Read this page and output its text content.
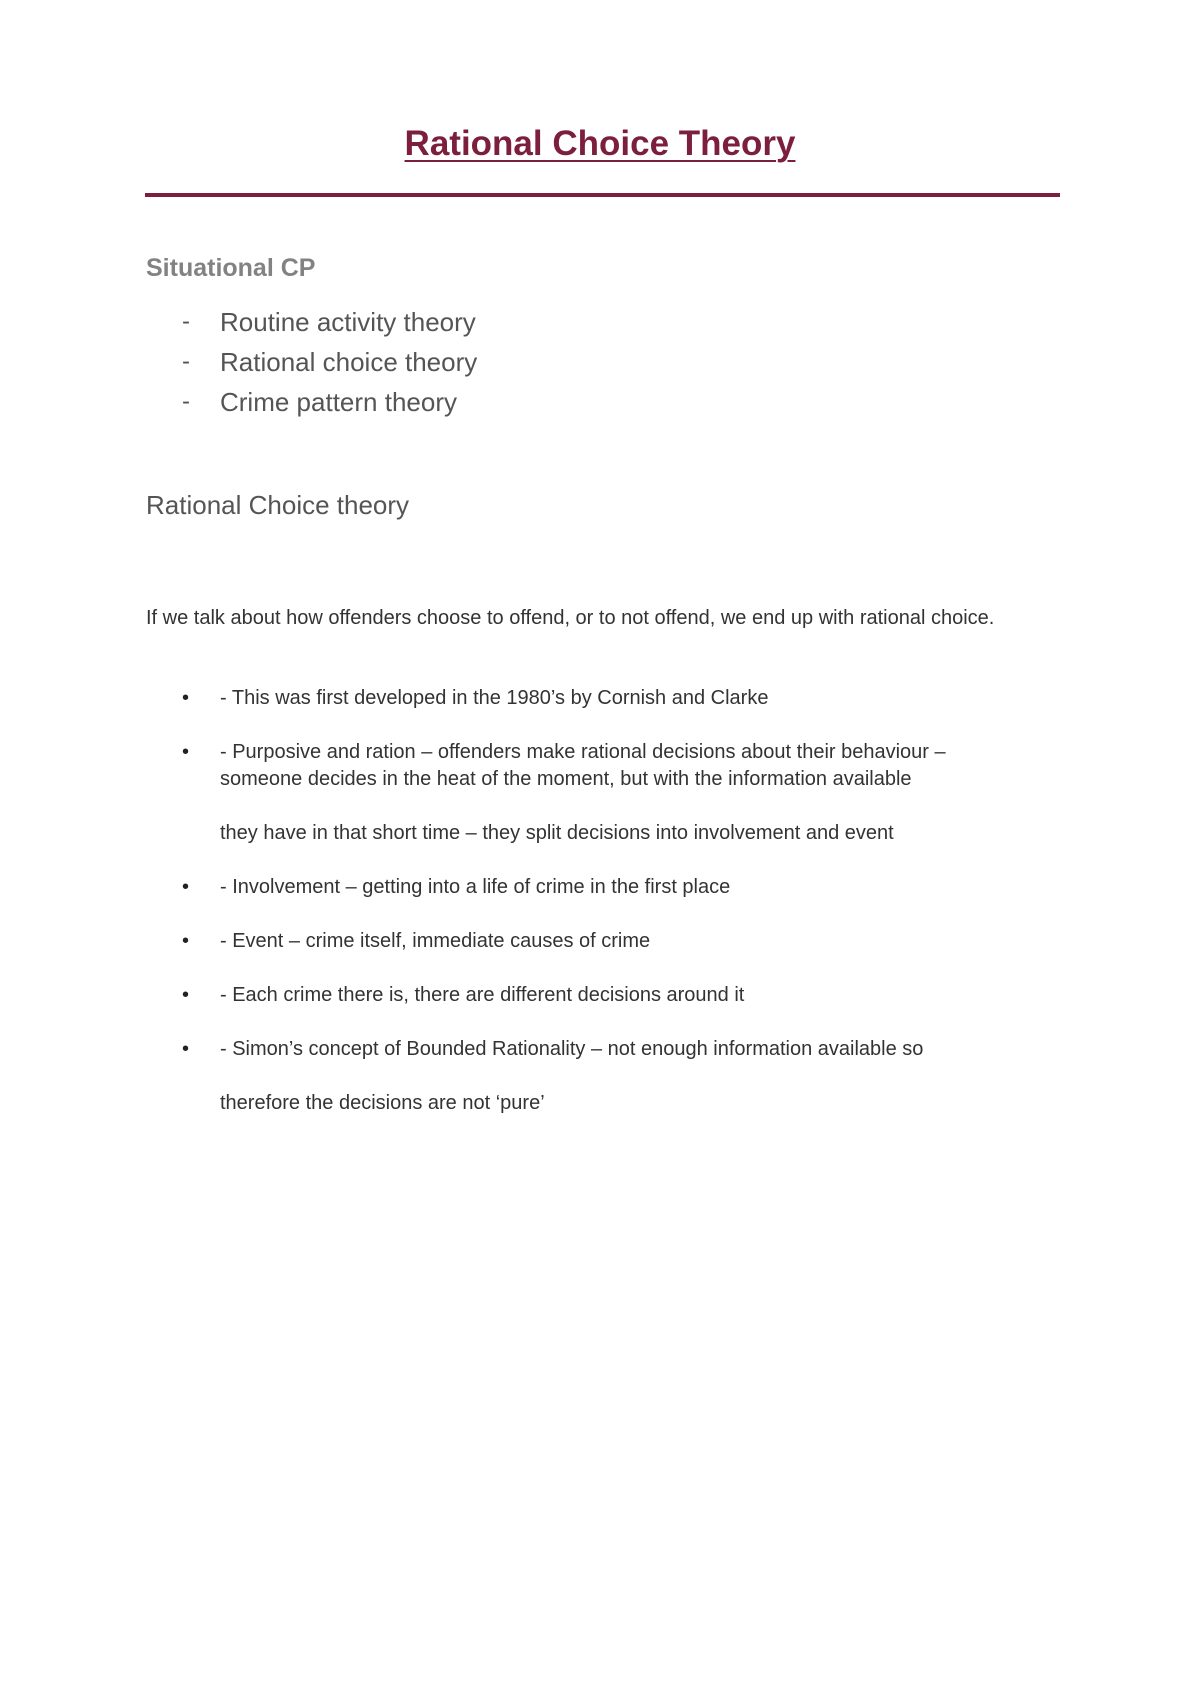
Rational Choice Theory
Situational CP
- Routine activity theory
- Rational choice theory
- Crime pattern theory
Rational Choice theory

If we talk about how offenders choose to offend, or to not offend, we end up with rational choice.

• - This was first developed in the 1980’s by Cornish and Clarke
• - Purposive and ration – offenders make rational decisions about their behaviour –
someone decides in the heat of the moment, but with the information available
they have in that short time – they split decisions into involvement and event
• - Involvement – getting into a life of crime in the first place
• - Event – crime itself, immediate causes of crime
• - Each crime there is, there are different decisions around it
• - Simon’s concept of Bounded Rationality – not enough information available so
therefore the decisions are not ‘pure’
